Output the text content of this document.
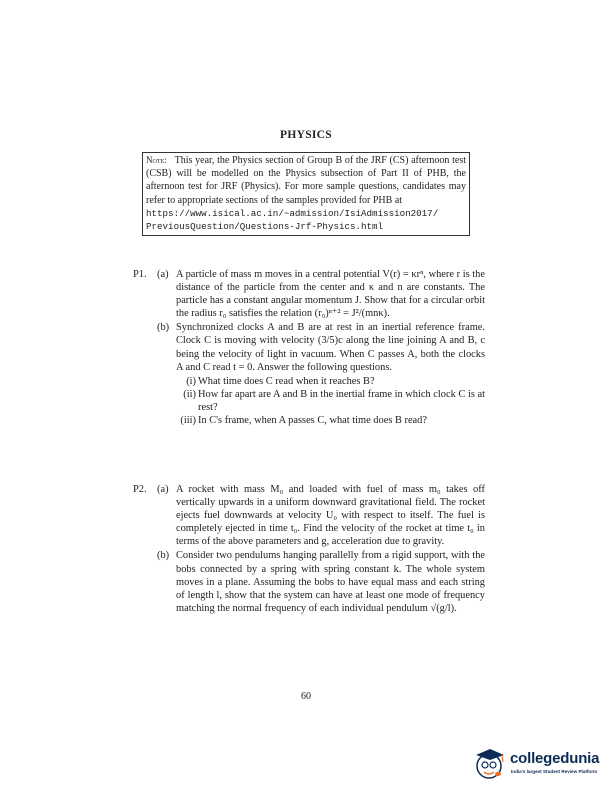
PHYSICS
Note: This year, the Physics section of Group B of the JRF (CS) afternoon test (CSB) will be modelled on the Physics subsection of Part II of PHB, the afternoon test for JRF (Physics). For more sample questions, candidates may refer to appropriate sections of the samples provided for PHB at
https://www.isical.ac.in/~admission/IsiAdmission2017/
PreviousQuestion/Questions-Jrf-Physics.html
P1. (a) A particle of mass m moves in a central potential V(r) = κrⁿ, where r is the distance of the particle from the center and κ and n are constants. The particle has a constant angular momentum J. Show that for a circular orbit the radius r₀ satisfies the relation (r₀)ⁿ⁺² = J²/(mnκ).
(b) Synchronized clocks A and B are at rest in an inertial reference frame. Clock C is moving with velocity (3/5)c along the line joining A and B, c being the velocity of light in vacuum. When C passes A, both the clocks A and C read t = 0. Answer the following questions.
(i) What time does C read when it reaches B?
(ii) How far apart are A and B in the inertial frame in which clock C is at rest?
(iii) In C's frame, when A passes C, what time does B read?
P2. (a) A rocket with mass M₀ and loaded with fuel of mass m₀ takes off vertically upwards in a uniform downward gravitational field. The rocket ejects fuel downwards at velocity U₀ with respect to itself. The fuel is completely ejected in time t₀. Find the velocity of the rocket at time t₀ in terms of the above parameters and g, acceleration due to gravity.
(b) Consider two pendulums hanging parallelly from a rigid support, with the bobs connected by a spring with spring constant k. The whole system moves in a plane. Assuming the bobs to have equal mass and each string of length l, show that the system can have at least one mode of frequency matching the normal frequency of each individual pendulum √(g/l).
60
collegedunia
India's largest Student Review Platform
